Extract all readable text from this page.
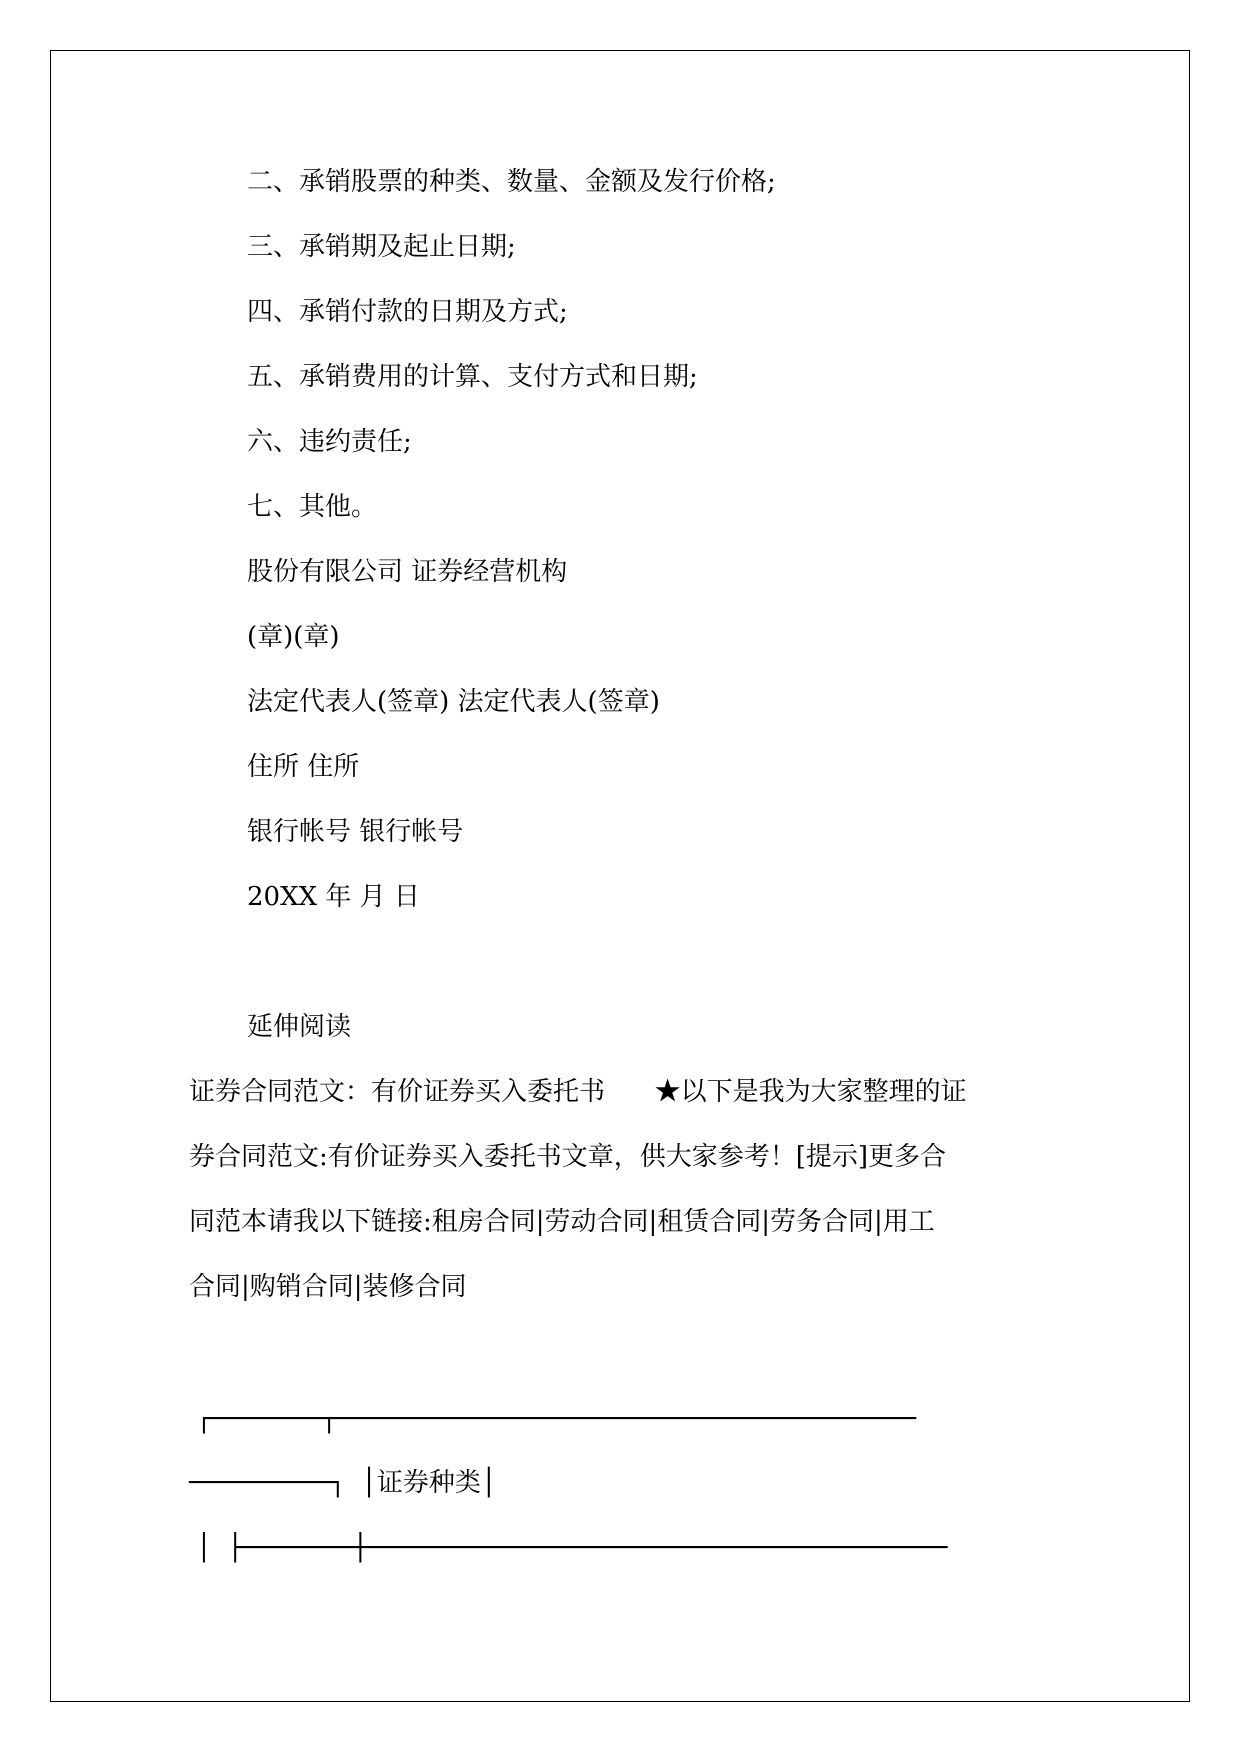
二、承销股票的种类、数量、金额及发行价格;
三、承销期及起止日期;
四、承销付款的日期及方式;
五、承销费用的计算、支付方式和日期;
六、违约责任;
七、其他。
股份有限公司 证券经营机构
(章)(章)
法定代表人(签章) 法定代表人(签章)
住所 住所
银行帐号 银行帐号
20XX 年 月 日
延伸阅读
证券合同范文：有价证券买入委托书      ★以下是我为大家整理的证
券合同范文:有价证券买入委托书文章，供大家参考！[提示]更多合
同范本请我以下链接:租房合同|劳动合同|租赁合同|劳务合同|用工
合同|购销合同|装修合同
┌───────┬─────────────────────────────────────
─────────┐ │证券种类│
│ ├───────┼─────────────────────────────────────
